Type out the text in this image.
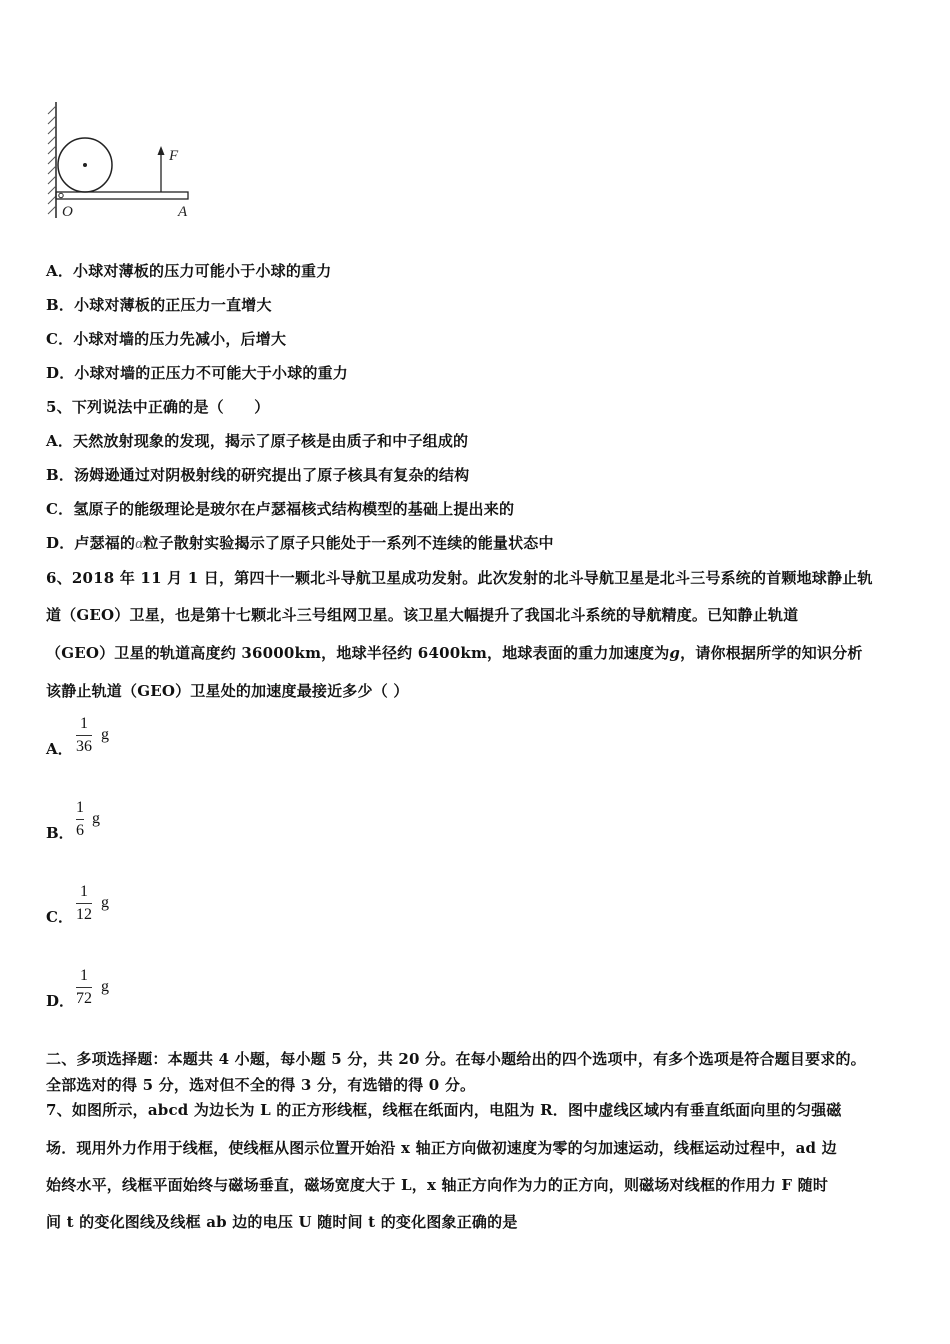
F
O	A
A．小球对薄板的压力可能小于小球的重力
B．小球对薄板的正压力一直增大
C．小球对墙的压力先减小，后增大
D．小球对墙的正压力不可能大于小球的重力
5、下列说法中正确的是（　　）
A．天然放射现象的发现，揭示了原子核是由质子和中子组成的
B．汤姆逊通过对阴极射线的研究提出了原子核具有复杂的结构
C．氢原子的能级理论是玻尔在卢瑟福核式结构模型的基础上提出来的
D．卢瑟福的α粒子散射实验揭示了原子只能处于一系列不连续的能量状态中
6、2018 年 11 月 1 日，第四十一颗北斗导航卫星成功发射。此次发射的北斗导航卫星是北斗三号系统的首颗地球静止轨
道（GEO）卫星，也是第十七颗北斗三号组网卫星。该卫星大幅提升了我国北斗系统的导航精度。已知静止轨道
（GEO）卫星的轨道高度约 36000km，地球半径约 6400km，地球表面的重力加速度为g，请你根据所学的知识分析
该静止轨道（GEO）卫星处的加速度最接近多少（ ）
A．
1
36
g
B．
1
6
g
C．
1
12
g
D．
1
72
g
二、多项选择题：本题共 4 小题，每小题 5 分，共 20 分。在每小题给出的四个选项中，有多个选项是符合题目要求的。
全部选对的得 5 分，选对但不全的得 3 分，有选错的得 0 分。
7、如图所示，abcd 为边长为 L 的正方形线框，线框在纸面内，电阻为 R．图中虚线区域内有垂直纸面向里的匀强磁
场．现用外力作用于线框，使线框从图示位置开始沿 x 轴正方向做初速度为零的匀加速运动，线框运动过程中，ad 边
始终水平，线框平面始终与磁场垂直，磁场宽度大于 L，x 轴正方向作为力的正方向，则磁场对线框的作用力 F 随时
间 t 的变化图线及线框 ab 边的电压 U 随时间 t 的变化图象正确的是
